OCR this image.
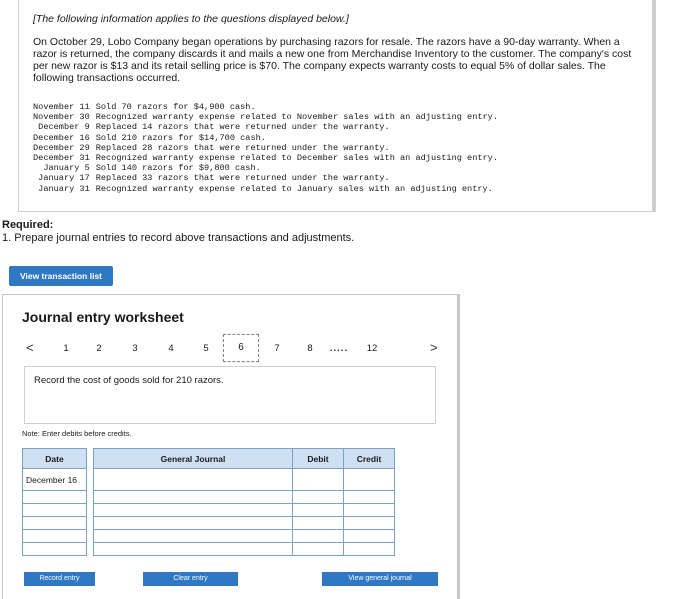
[The following information applies to the questions displayed below.]

On October 29, Lobo Company began operations by purchasing razors for resale. The razors have a 90-day warranty. When a razor is returned, the company discards it and mails a new one from Merchandise Inventory to the customer. The company's cost per new razor is $13 and its retail selling price is $70. The company expects warranty costs to equal 5% of dollar sales. The following transactions occurred.

November 11	Sold 70 razors for $4,900 cash.
November 30	Recognized warranty expense related to November sales with an adjusting entry.
December 9	Replaced 14 razors that were returned under the warranty.
December 16	Sold 210 razors for $14,700 cash.
December 29	Replaced 28 razors that were returned under the warranty.
December 31	Recognized warranty expense related to December sales with an adjusting entry.
January 5	Sold 140 razors for $9,800 cash.
January 17	Replaced 33 razors that were returned under the warranty.
January 31	Recognized warranty expense related to January sales with an adjusting entry.
Required:
1. Prepare journal entries to record above transactions and adjustments.
View transaction list
Journal entry worksheet
<	1	2	3	4	5	6	7	8	.....	12	>
Record the cost of goods sold for 210 razors.
Note: Enter debits before credits.
Date		General Journal	Debit	Credit
December 16				

Record entry	Clear entry	View general journal
